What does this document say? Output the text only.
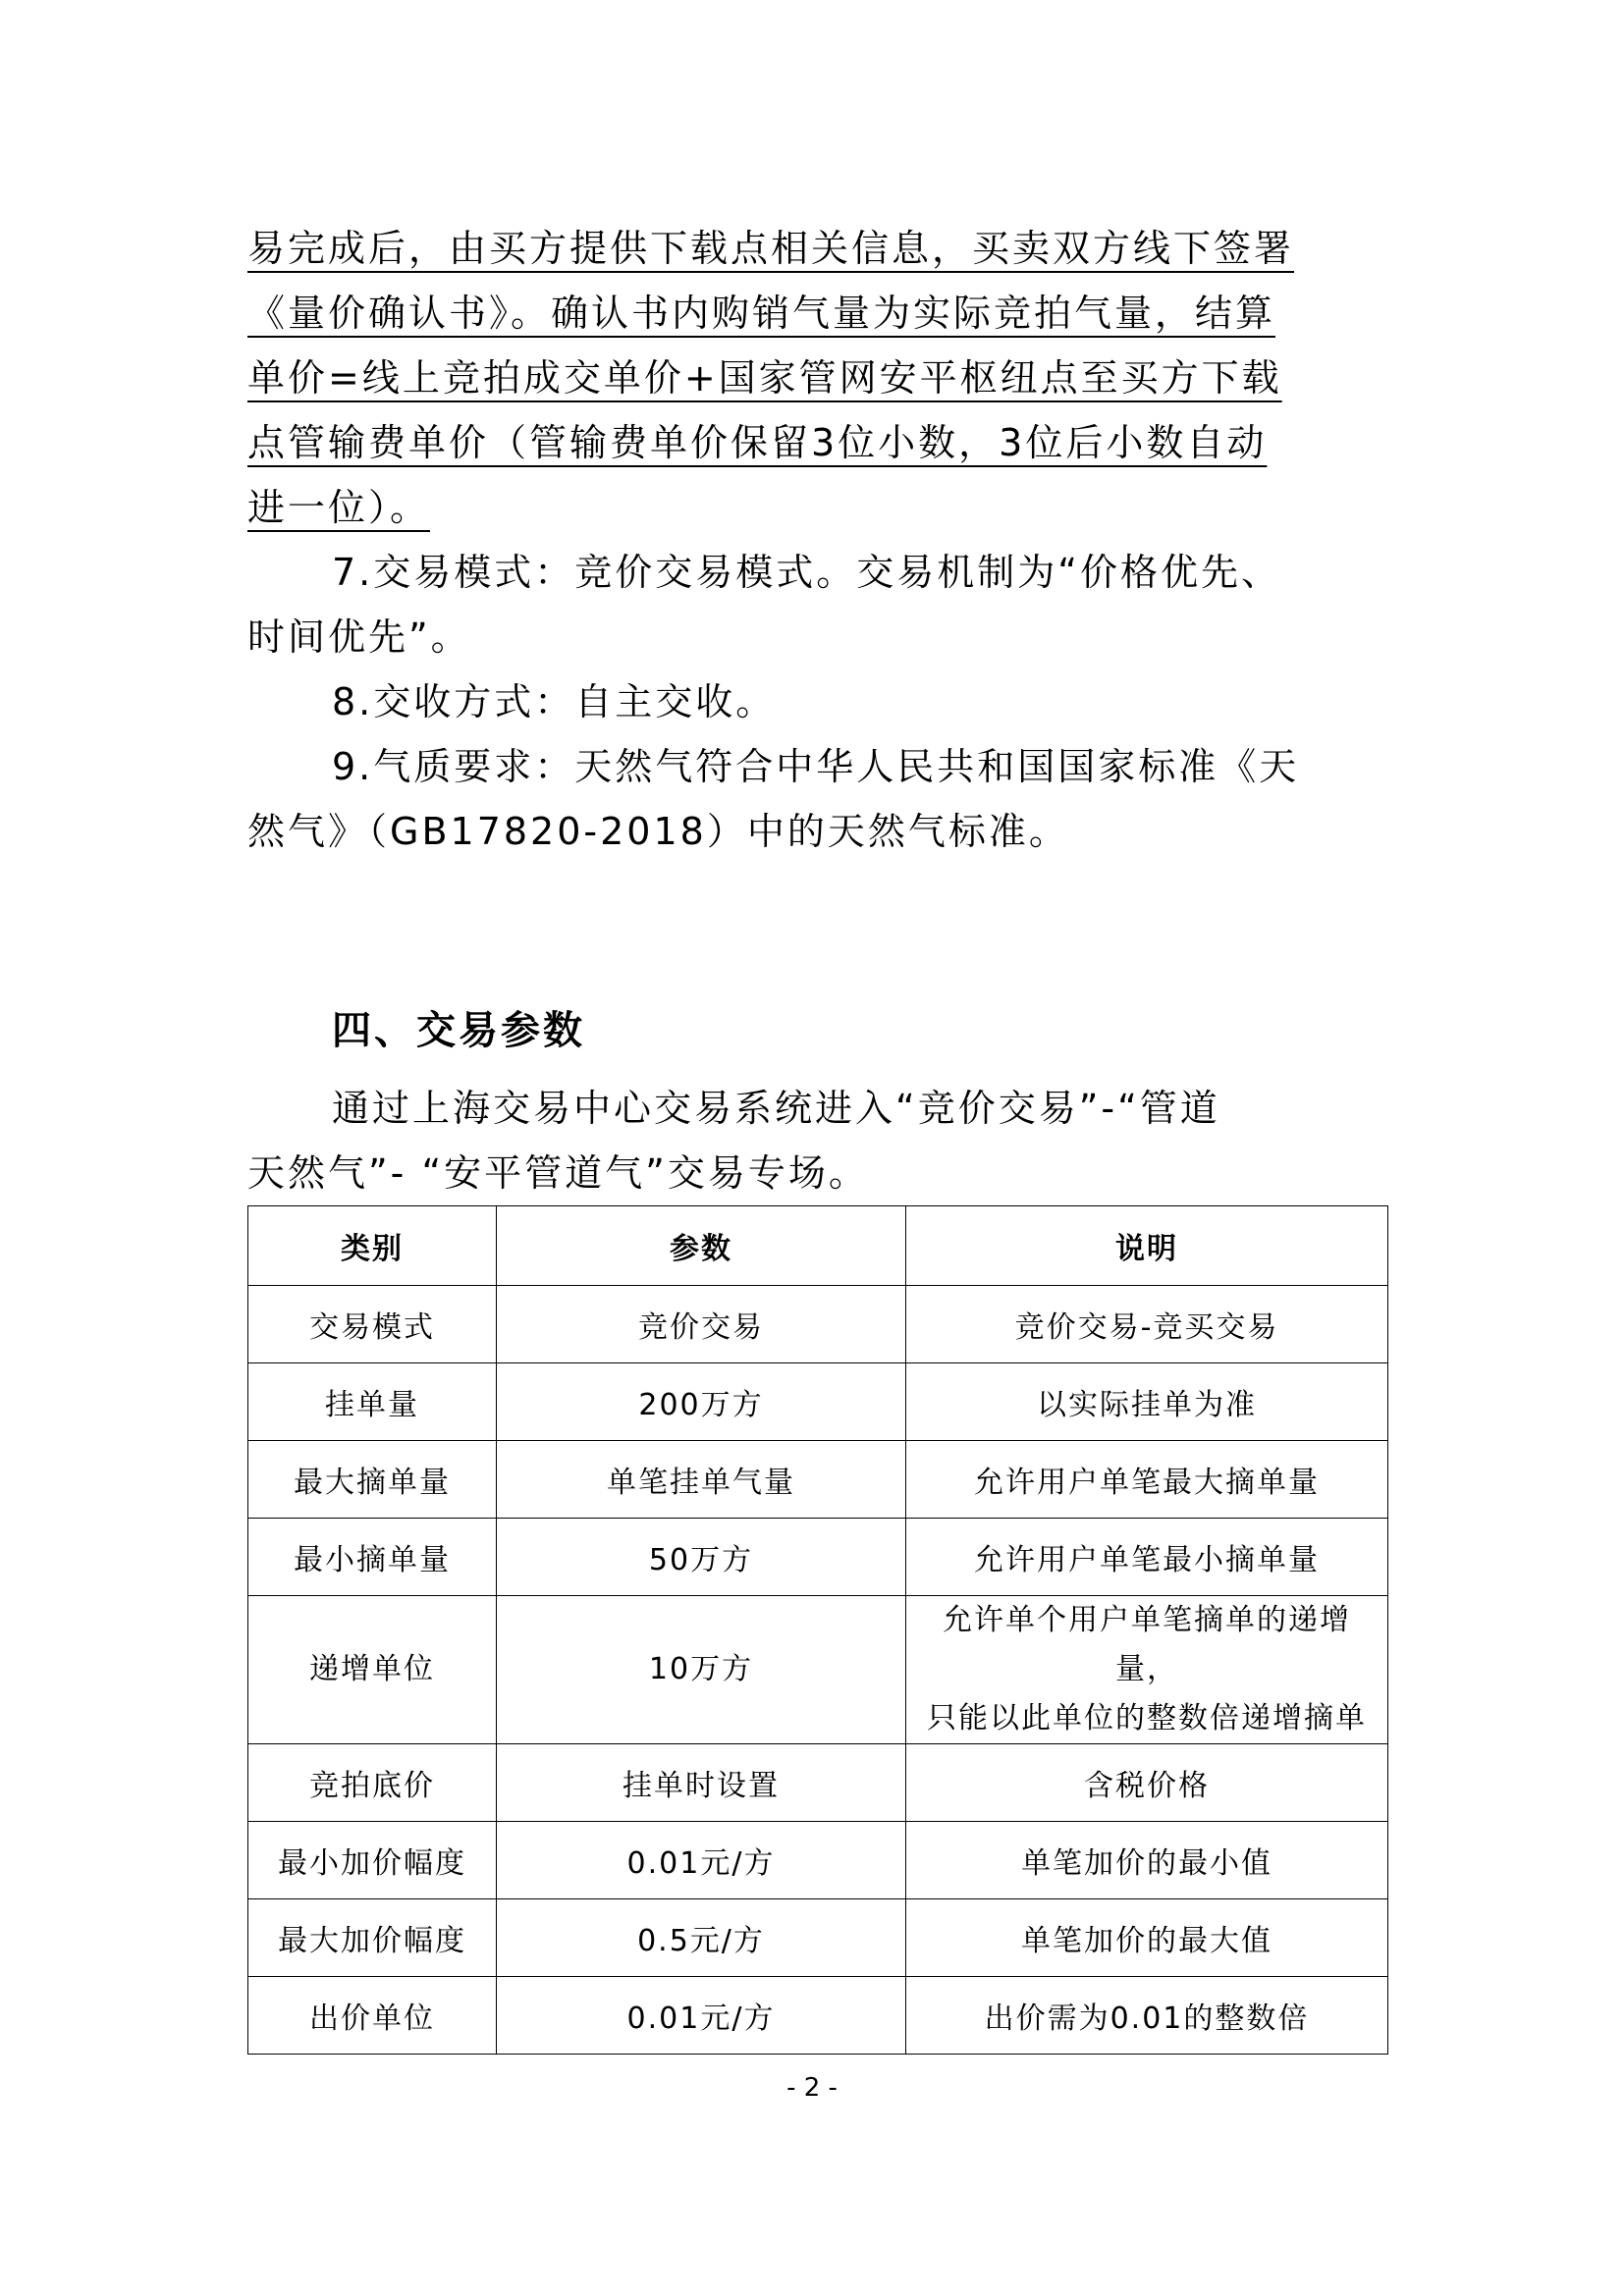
易完成后，由买方提供下载点相关信息，买卖双方线下签署
《量价确认书》。确认书内购销气量为实际竞拍气量，结算
单价=线上竞拍成交单价+国家管网安平枢纽点至买方下载
点管输费单价（管输费单价保留3位小数，3位后小数自动
进一位）。
7.交易模式：竞价交易模式。交易机制为“价格优先、
时间优先”。
8.交收方式：自主交收。
9.气质要求：天然气符合中华人民共和国国家标准《天
然气》（GB17820-2018）中的天然气标准。
四、交易参数
通过上海交易中心交易系统进入“竞价交易”-“管道
天然气”- “安平管道气”交易专场。
类别	参数	说明
交易模式	竞价交易	竞价交易-竞买交易
挂单量	200万方	以实际挂单为准
最大摘单量	单笔挂单气量	允许用户单笔最大摘单量
最小摘单量	50万方	允许用户单笔最小摘单量
递增单位	10万方	允许单个用户单笔摘单的递增量，
只能以此单位的整数倍递增摘单

竞拍底价	挂单时设置	含税价格
最小加价幅度	0.01元/方	单笔加价的最小值
最大加价幅度	0.5元/方	单笔加价的最大值
出价单位	0.01元/方	出价需为0.01的整数倍
- 2 -
